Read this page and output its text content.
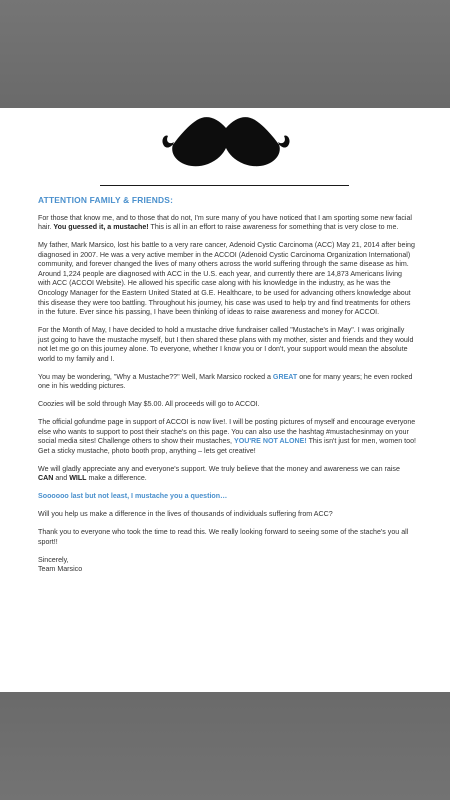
ATTENTION FAMILY & FRIENDS:

For those that know me, and to those that do not, I'm sure many of you have noticed that I am sporting some new facial hair. You guessed it, a mustache! This is all in an effort to raise awareness for something that is very close to me.

My father, Mark Marsico, lost his battle to a very rare cancer, Adenoid Cystic Carcinoma (ACC) May 21, 2014 after being diagnosed in 2007. He was a very active member in the ACCOI (Adenoid Cystic Carcinoma Organization International) community, and forever changed the lives of many others across the world suffering through the same disease as him. Around 1,224 people are diagnosed with ACC in the U.S. each year, and currently there are 14,873 Americans living with ACC (ACCOI Website). He allowed his specific case along with his knowledge in the industry, as he was the Oncology Manager for the Eastern United Stated at G.E. Healthcare, to be used for advancing others knowledge about this disease they were too battling. Throughout his journey, his case was used to help try and find treatments for others in the future. Ever since his passing, I have been thinking of ideas to raise awareness and money for ACCOI.

For the Month of May, I have decided to hold a mustache drive fundraiser called "Mustache's in May". I was originally just going to have the mustache myself, but I then shared these plans with my mother, sister and friends and they would not let me go on this journey alone. To everyone, whether I know you or I don't, your support would mean the absolute world to my family and I.

You may be wondering, "Why a Mustache??" Well, Mark Marsico rocked a GREAT one for many years; he even rocked one in his wedding pictures.

Coozies will be sold through May $5.00. All proceeds will go to ACCOI.

The official gofundme page in support of ACCOI is now live!. I will be posting pictures of myself and encourage everyone else who wants to support to post their stache's on this page. You can also use the hashtag #mustachesinmay on your social media sites! Challenge others to show their mustaches, YOU'RE NOT ALONE! This isn't just for men, women too! Get a sticky mustache, photo booth prop, anything – lets get creative!

We will gladly appreciate any and everyone's support. We truly believe that the money and awareness we can raise CAN and WILL make a difference.

Soooooo last but not least, I mustache you a question…

Will you help us make a difference in the lives of thousands of individuals suffering from ACC?

Thank you to everyone who took the time to read this. We really looking forward to seeing some of the stache's you all sport!!

Sincerely,

Team Marsico
